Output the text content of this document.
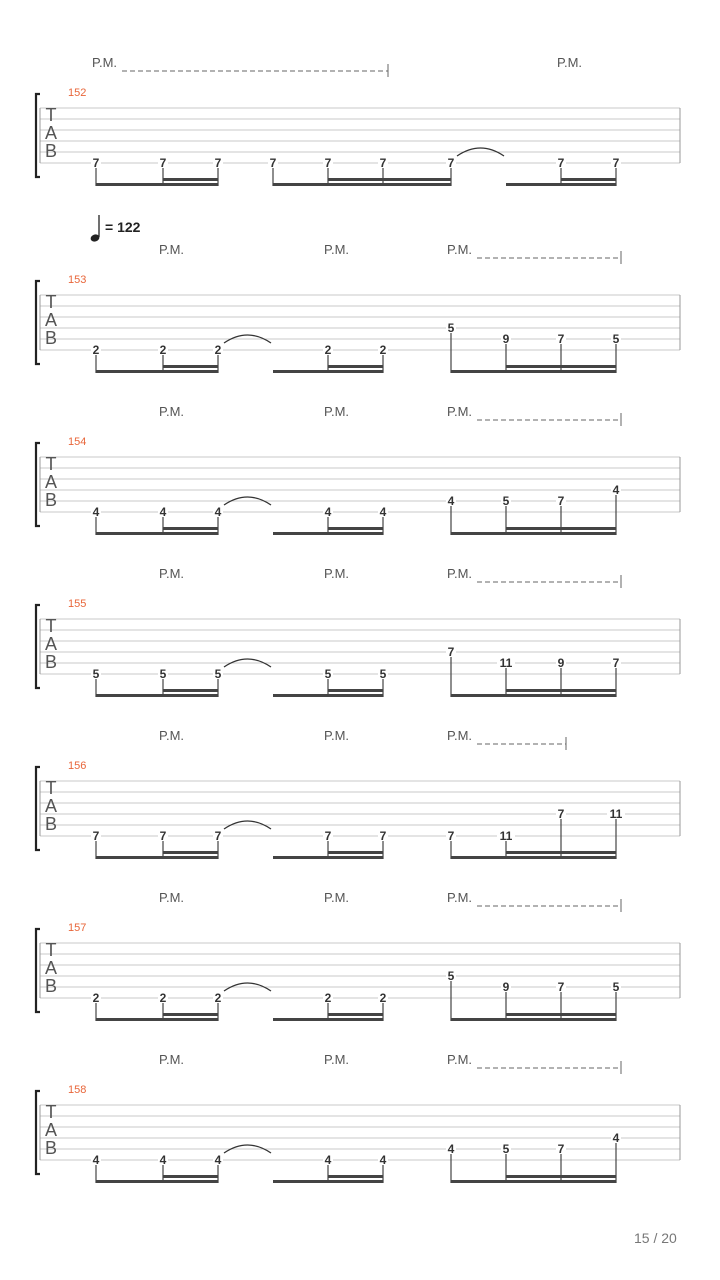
T
A
B
152
P.M.	P.M.
7	7	7	7	7	7	7	7	7
T
A
B
153
P.M.	P.M.	P.M.
= 122
2	2	2	2	2
5
9	7	5
T
A
B
154
P.M.	P.M.	P.M.
4	4	4	4	4
4	5	7
4
T
A
B
155
P.M.	P.M.	P.M.
5	5	5	5	5
7
11	9	7
T
A
B
156
P.M.	P.M.	P.M.
7	7	7	7	7	7	11
7	11
T
A
B
157
P.M.	P.M.	P.M.
2	2	2	2	2
5
9	7	5
T
A
B
158
P.M.	P.M.	P.M.
4	4	4	4	4
4	5	7
4
15 / 20
